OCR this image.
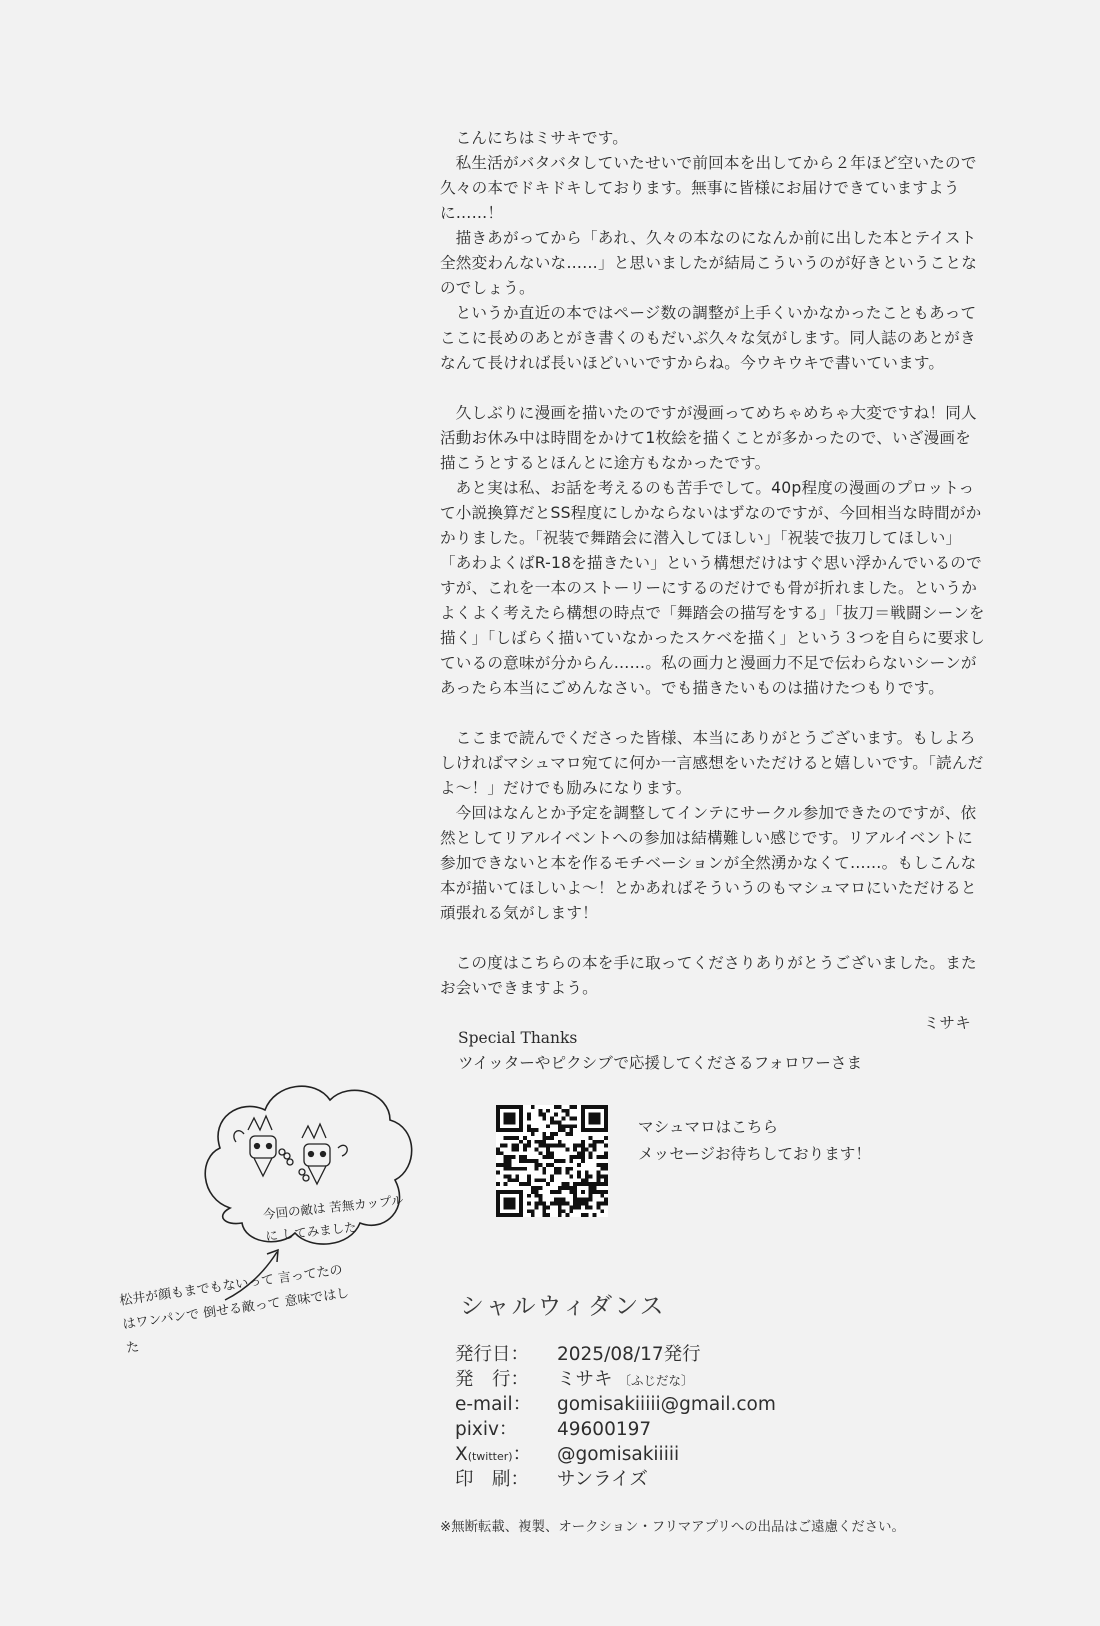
こんにちはミサキです。

私生活がバタバタしていたせいで前回本を出してから２年ほど空いたので久々の本でドキドキしております。無事に皆様にお届けできていますように……！

描きあがってから「あれ、久々の本なのになんか前に出した本とテイスト全然変わんないな……」と思いましたが結局こういうのが好きということなのでしょう。

というか直近の本ではページ数の調整が上手くいかなかったこともあってここに長めのあとがき書くのもだいぶ久々な気がします。同人誌のあとがきなんて長ければ長いほどいいですからね。今ウキウキで書いています。

久しぶりに漫画を描いたのですが漫画ってめちゃめちゃ大変ですね！同人活動お休み中は時間をかけて1枚絵を描くことが多かったので、いざ漫画を描こうとするとほんとに途方もなかったです。

あと実は私、お話を考えるのも苦手でして。40p程度の漫画のプロットって小説換算だとSS程度にしかならないはずなのですが、今回相当な時間がかかりました。「祝装で舞踏会に潜入してほしい」「祝装で抜刀してほしい」「あわよくばR-18を描きたい」という構想だけはすぐ思い浮かんでいるのですが、これを一本のストーリーにするのだけでも骨が折れました。というかよくよく考えたら構想の時点で「舞踏会の描写をする」「抜刀＝戦闘シーンを描く」「しばらく描いていなかったスケベを描く」という３つを自らに要求しているの意味が分からん……。私の画力と漫画力不足で伝わらないシーンがあったら本当にごめんなさい。でも描きたいものは描けたつもりです。

ここまで読んでくださった皆様、本当にありがとうございます。もしよろしければマシュマロ宛てに何か一言感想をいただけると嬉しいです。「読んだよ～！」だけでも励みになります。

今回はなんとか予定を調整してインテにサークル参加できたのですが、依然としてリアルイベントへの参加は結構難しい感じです。リアルイベントに参加できないと本を作るモチベーションが全然湧かなくて……。もしこんな本が描いてほしいよ～！とかあればそういうのもマシュマロにいただけると頑張れる気がします！

この度はこちらの本を手に取ってくださりありがとうございました。またお会いできますよう。

ミサキ
Special Thanks
ツイッターやピクシブで応援してくださるフォロワーさま
今回の敵は 苦無カップルに してみました
松井が顔もまでもないって 言ってたのはワンパンで 倒せる敵って 意味ではした
マシュマロはこちら
メッセージお待ちしております！
シャルウィダンス
発行日：	2025/08/17発行
発　行：	ミサキ 〔ふじだな〕
e-mail：	gomisakiiiii@gmail.com
pixiv：	49600197
X(twitter)：	@gomisakiiiii
印　刷：	サンライズ
※無断転載、複製、オークション・フリマアプリへの出品はご遠慮ください。
